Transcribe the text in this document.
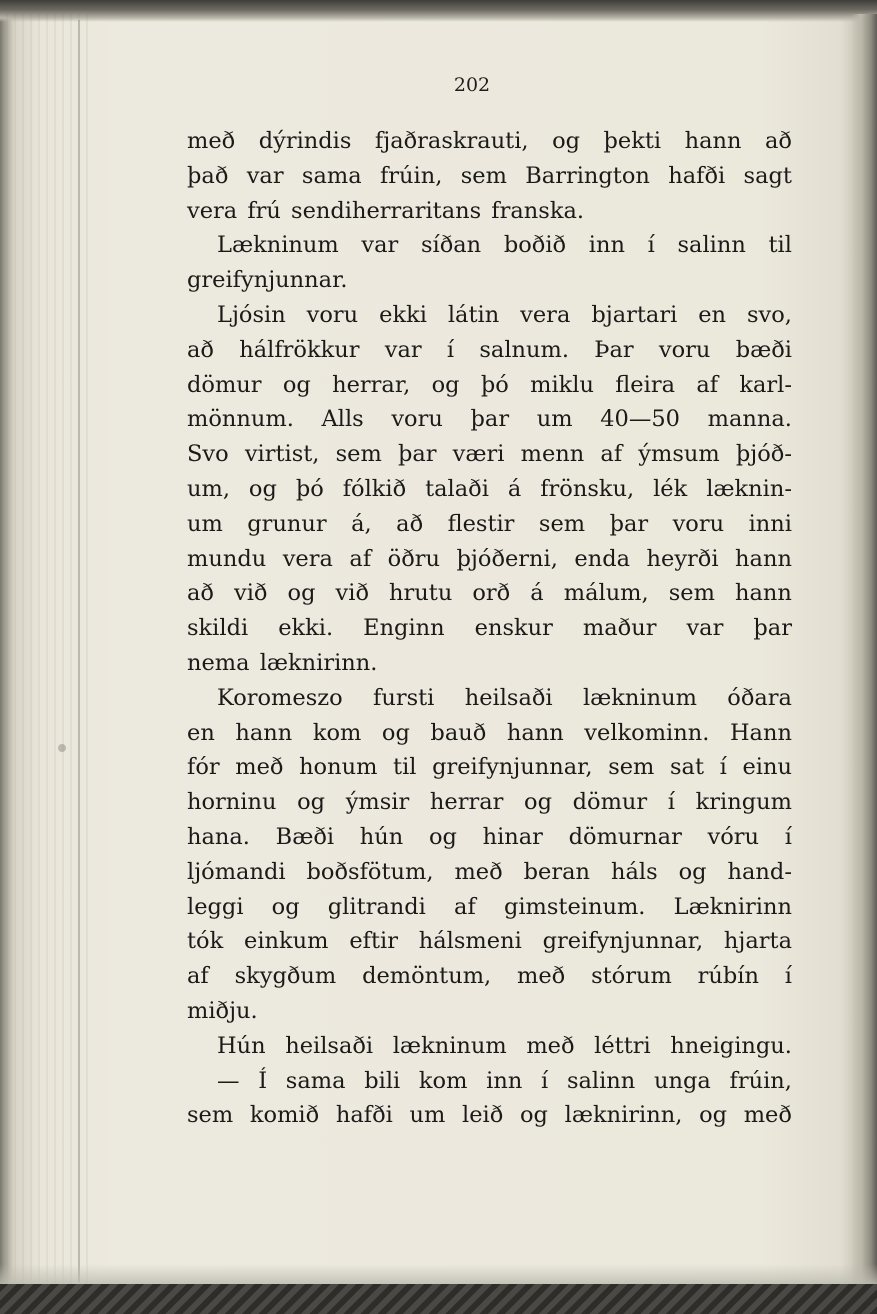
202
með dýrindis fjaðraskrauti, og þekti hann að
það var sama frúin, sem Barrington hafði sagt
vera frú sendiherraritans franska.
Lækninum var síðan boðið inn í salinn til
greifynjunnar.
Ljósin voru ekki látin vera bjartari en svo,
að hálfrökkur var í salnum. Þar voru bæði
dömur og herrar, og þó miklu fleira af karl-
mönnum. Alls voru þar um 40—50 manna.
Svo virtist, sem þar væri menn af ýmsum þjóð-
um, og þó fólkið talaði á frönsku, lék læknin-
um grunur á, að flestir sem þar voru inni
mundu vera af öðru þjóðerni, enda heyrði hann
að við og við hrutu orð á málum, sem hann
skildi ekki. Enginn enskur maður var þar
nema læknirinn.
Koromeszo fursti heilsaði lækninum óðara
en hann kom og bauð hann velkominn. Hann
fór með honum til greifynjunnar, sem sat í einu
horninu og ýmsir herrar og dömur í kringum
hana. Bæði hún og hinar dömurnar vóru í
ljómandi boðsfötum, með beran háls og hand-
leggi og glitrandi af gimsteinum. Læknirinn
tók einkum eftir hálsmeni greifynjunnar, hjarta
af skygðum demöntum, með stórum rúbín í
miðju.
Hún heilsaði lækninum með léttri hneigingu.
— Í sama bili kom inn í salinn unga frúin,
sem komið hafði um leið og læknirinn, og með
